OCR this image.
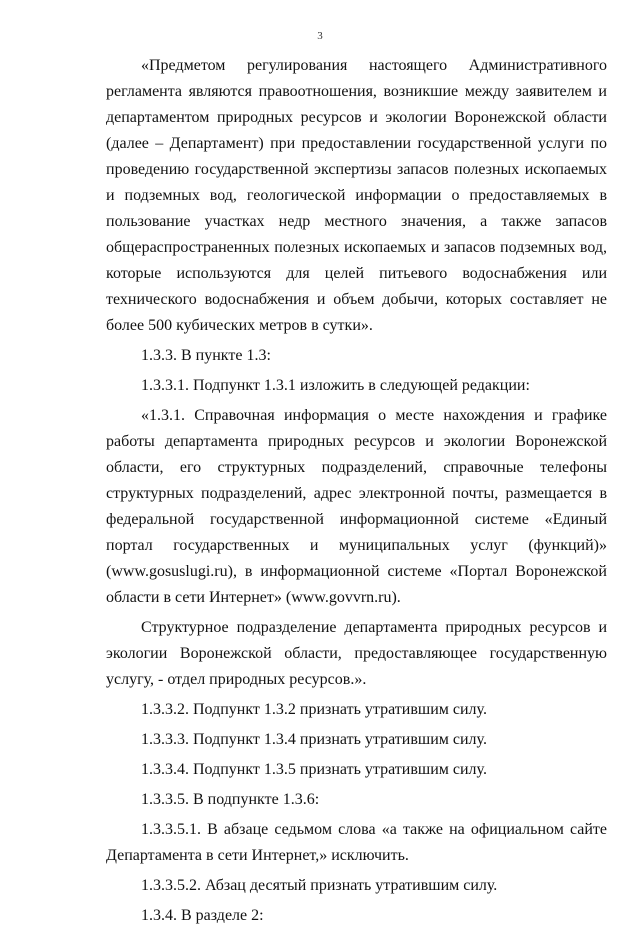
3

«Предметом регулирования настоящего Административного регламента являются правоотношения, возникшие между заявителем и департаментом природных ресурсов и экологии Воронежской области (далее – Департамент) при предоставлении государственной услуги по проведению государственной экспертизы запасов полезных ископаемых и подземных вод, геологической информации о предоставляемых в пользование участках недр местного значения, а также запасов общераспространенных полезных ископаемых и запасов подземных вод, которые используются для целей питьевого водоснабжения или технического водоснабжения и объем добычи, которых составляет не более 500 кубических метров в сутки».

1.3.3. В пункте 1.3:

1.3.3.1. Подпункт 1.3.1 изложить в следующей редакции:

«1.3.1. Справочная информация о месте нахождения и графике работы департамента природных ресурсов и экологии Воронежской области, его структурных подразделений, справочные телефоны структурных подразделений, адрес электронной почты, размещается в федеральной государственной информационной системе «Единый портал государственных и муниципальных услуг (функций)» (www.gosuslugi.ru), в информационной системе «Портал Воронежской области в сети Интернет» (www.govvrn.ru).

Структурное подразделение департамента природных ресурсов и экологии Воронежской области, предоставляющее государственную услугу, - отдел природных ресурсов.».

1.3.3.2. Подпункт 1.3.2 признать утратившим силу.

1.3.3.3. Подпункт 1.3.4 признать утратившим силу.

1.3.3.4. Подпункт 1.3.5 признать утратившим силу.

1.3.3.5. В подпункте 1.3.6:

1.3.3.5.1. В абзаце седьмом слова «а также на официальном сайте Департамента в сети Интернет,» исключить.

1.3.3.5.2. Абзац десятый признать утратившим силу.

1.3.4. В разделе 2:
